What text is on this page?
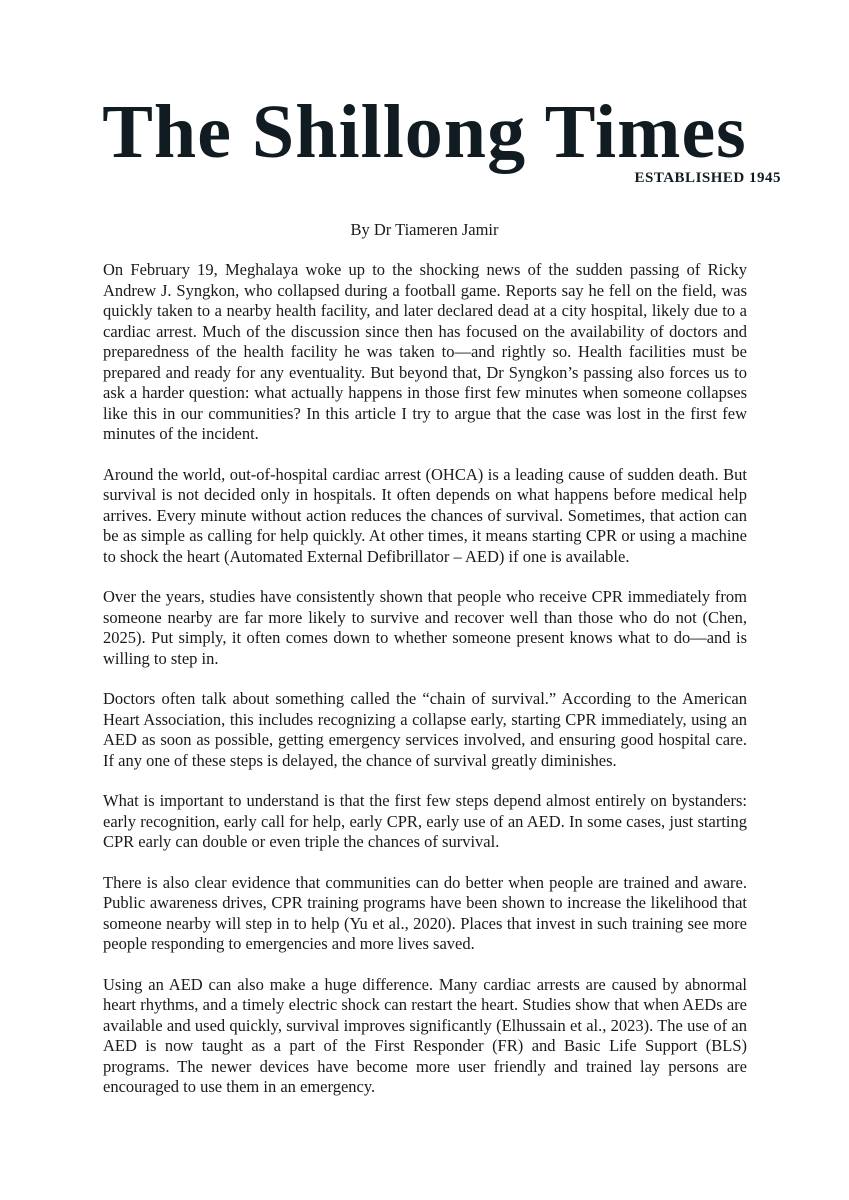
The Shillong Times
ESTABLISHED 1945
By Dr Tiameren Jamir

On February 19, Meghalaya woke up to the shocking news of the sudden passing of Ricky Andrew J. Syngkon, who collapsed during a football game. Reports say he fell on the field, was quickly taken to a nearby health facility, and later declared dead at a city hospital, likely due to a cardiac arrest. Much of the discussion since then has focused on the availability of doctors and preparedness of the health facility he was taken to—and rightly so. Health facilities must be prepared and ready for any eventuality. But beyond that, Dr Syngkon’s passing also forces us to ask a harder question: what actually happens in those first few minutes when someone collapses like this in our communities? In this article I try to argue that the case was lost in the first few minutes of the incident.

Around the world, out-of-hospital cardiac arrest (OHCA) is a leading cause of sudden death. But survival is not decided only in hospitals. It often depends on what happens before medical help arrives. Every minute without action reduces the chances of survival. Sometimes, that action can be as simple as calling for help quickly. At other times, it means starting CPR or using a machine to shock the heart (Automated External Defibrillator – AED) if one is available.

Over the years, studies have consistently shown that people who receive CPR immediately from someone nearby are far more likely to survive and recover well than those who do not (Chen, 2025). Put simply, it often comes down to whether someone present knows what to do—and is willing to step in.

Doctors often talk about something called the “chain of survival.” According to the American Heart Association, this includes recognizing a collapse early, starting CPR immediately, using an AED as soon as possible, getting emergency services involved, and ensuring good hospital care. If any one of these steps is delayed, the chance of survival greatly diminishes.

What is important to understand is that the first few steps depend almost entirely on bystanders: early recognition, early call for help, early CPR, early use of an AED. In some cases, just starting CPR early can double or even triple the chances of survival.

There is also clear evidence that communities can do better when people are trained and aware. Public awareness drives, CPR training programs have been shown to increase the likelihood that someone nearby will step in to help (Yu et al., 2020). Places that invest in such training see more people responding to emergencies and more lives saved.

Using an AED can also make a huge difference. Many cardiac arrests are caused by abnormal heart rhythms, and a timely electric shock can restart the heart. Studies show that when AEDs are available and used quickly, survival improves significantly (Elhussain et al., 2023). The use of an AED is now taught as a part of the First Responder (FR) and Basic Life Support (BLS) programs. The newer devices have become more user friendly and trained lay persons are encouraged to use them in an emergency.
